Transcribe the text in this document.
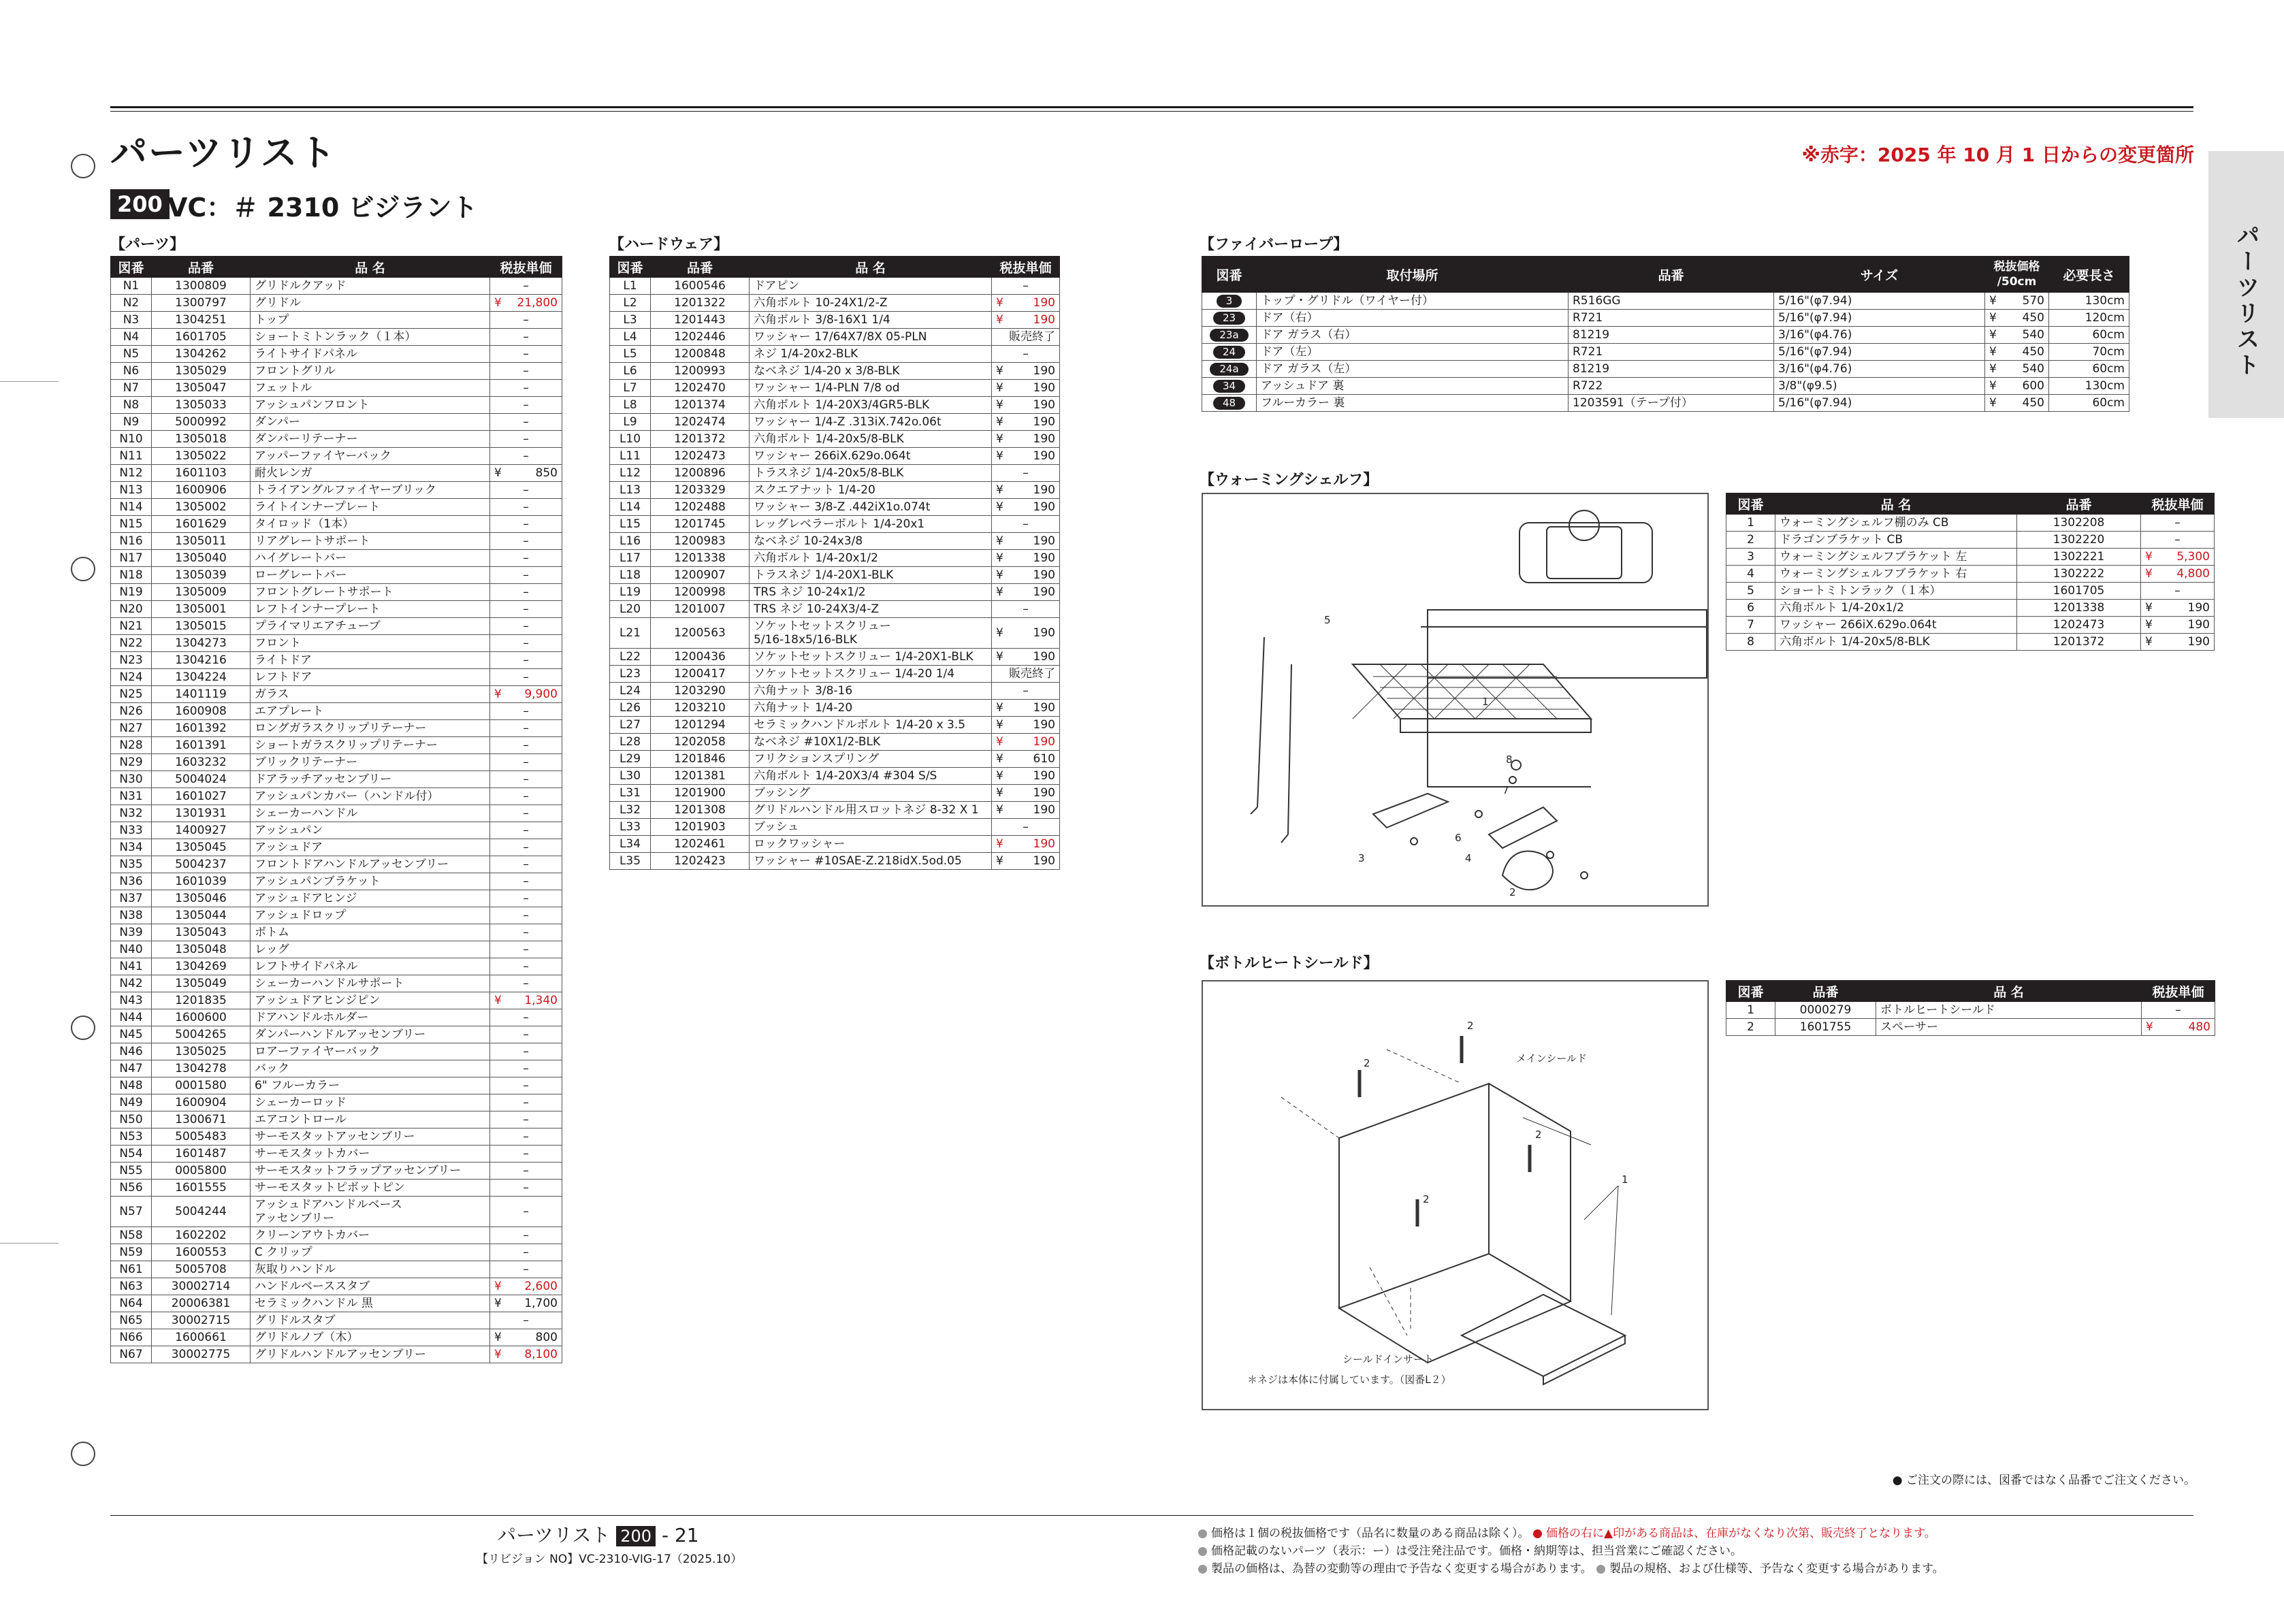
パーツリスト	※赤字：2025 年 10 月 1 日からの変更箇所
200 VC：＃ 2310 ビジラント
パーツリスト
【パーツ】
図番	品番	品 名	税抜単価
N1	1300809	グリドルクアッド	–
N2	1300797	グリドル	¥ 21,800
N3	1304251	トップ	–
N4	1601705	ショートミトンラック（１本）	–
N5	1304262	ライトサイドパネル	–
N6	1305029	フロントグリル	–
N7	1305047	フェットル	–
N8	1305033	アッシュパンフロント	–
N9	5000992	ダンパー	–
N10	1305018	ダンパーリテーナー	–
N11	1305022	アッパーファイヤーバック	–
N12	1601103	耐火レンガ	¥ 850
N13	1600906	トライアングルファイヤーブリック	–
N14	1305002	ライトインナープレート	–
N15	1601629	タイロッド（1本）	–
N16	1305011	リアグレートサポート	–
N17	1305040	ハイグレートバー	–
N18	1305039	ローグレートバー	–
N19	1305009	フロントグレートサポート	–
N20	1305001	レフトインナープレート	–
N21	1305015	プライマリエアチューブ	–
N22	1304273	フロント	–
N23	1304216	ライトドア	–
N24	1304224	レフトドア	–
N25	1401119	ガラス	¥ 9,900
N26	1600908	エアプレート	–
N27	1601392	ロングガラスクリップリテーナー	–
N28	1601391	ショートガラスクリップリテーナー	–
N29	1603232	ブリックリテーナー	–
N30	5004024	ドアラッチアッセンブリー	–
N31	1601027	アッシュパンカバー（ハンドル付）	–
N32	1301931	シェーカーハンドル	–
N33	1400927	アッシュパン	–
N34	1305045	アッシュドア	–
N35	5004237	フロントドアハンドルアッセンブリー	–
N36	1601039	アッシュパンブラケット	–
N37	1305046	アッシュドアヒンジ	–
N38	1305044	アッシュドロップ	–
N39	1305043	ボトム	–
N40	1305048	レッグ	–
N41	1304269	レフトサイドパネル	–
N42	1305049	シェーカーハンドルサポート	–
N43	1201835	アッシュドアヒンジピン	¥ 1,340
N44	1600600	ドアハンドルホルダー	–
N45	5004265	ダンパーハンドルアッセンブリー	–
N46	1305025	ロアーファイヤーバック	–
N47	1304278	バック	–
N48	0001580	6" フルーカラー	–
N49	1600904	シェーカーロッド	–
N50	1300671	エアコントロール	–
N53	5005483	サーモスタットアッセンブリー	–
N54	1601487	サーモスタットカバー	–
N55	0005800	サーモスタットフラップアッセンブリー	–
N56	1601555	サーモスタットピボットピン	–
N57	5004244	アッシュドアハンドルベース
アッセンブリー	–
N58	1602202	クリーンアウトカバー	–
N59	1600553	C クリップ	–
N61	5005708	灰取りハンドル	–
N63	30002714	ハンドルベーススタブ	¥ 2,600
N64	20006381	セラミックハンドル 黒	¥ 1,700
N65	30002715	グリドルスタブ	–
N66	1600661	グリドルノブ（木）	¥ 800
N67	30002775	グリドルハンドルアッセンブリー	¥ 8,100
【ハードウェア】
図番	品番	品 名	税抜単価
L1	1600546	ドアピン	–
L2	1201322	六角ボルト 10-24X1/2-Z	¥ 190
L3	1201443	六角ボルト 3/8-16X1 1/4	¥ 190
L4	1202446	ワッシャー 17/64X7/8X 05-PLN	販売終了
L5	1200848	ネジ 1/4-20x2-BLK	–
L6	1200993	なベネジ 1/4-20 x 3/8-BLK	¥ 190
L7	1202470	ワッシャー 1/4-PLN 7/8 od	¥ 190
L8	1201374	六角ボルト 1/4-20X3/4GR5-BLK	¥ 190
L9	1202474	ワッシャー 1/4-Z .313iX.742o.06t	¥ 190
L10	1201372	六角ボルト 1/4-20x5/8-BLK	¥ 190
L11	1202473	ワッシャー 266iX.629o.064t	¥ 190
L12	1200896	トラスネジ 1/4-20x5/8-BLK	–
L13	1203329	スクエアナット 1/4-20	¥ 190
L14	1202488	ワッシャー 3/8-Z .442iX1o.074t	¥ 190
L15	1201745	レッグレベラーボルト 1/4-20x1	–
L16	1200983	なベネジ 10-24x3/8	¥ 190
L17	1201338	六角ボルト 1/4-20x1/2	¥ 190
L18	1200907	トラスネジ 1/4-20X1-BLK	¥ 190
L19	1200998	TRS ネジ 10-24x1/2	¥ 190
L20	1201007	TRS ネジ 10-24X3/4-Z	–
L21	1200563	ソケットセットスクリュー
5/16-18x5/16-BLK	¥ 190
L22	1200436	ソケットセットスクリュー 1/4-20X1-BLK	¥ 190
L23	1200417	ソケットセットスクリュー 1/4-20 1/4	販売終了
L24	1203290	六角ナット 3/8-16	–
L26	1203210	六角ナット 1/4-20	¥ 190
L27	1201294	セラミックハンドルボルト 1/4-20 x 3.5	¥ 190
L28	1202058	なベネジ #10X1/2-BLK	¥ 190
L29	1201846	フリクションスプリング	¥ 610
L30	1201381	六角ボルト 1/4-20X3/4 #304 S/S	¥ 190
L31	1201900	ブッシング	¥ 190
L32	1201308	グリドルハンドル用スロットネジ 8-32 X 1	¥ 190
L33	1201903	ブッシュ	–
L34	1202461	ロックワッシャー	¥ 190
L35	1202423	ワッシャー #10SAE-Z.218idX.5od.05	¥ 190
【ファイバーロープ】
図番	取付場所	品番	サイズ	税抜価格
/50cm	必要長さ
3	トップ・グリドル（ワイヤー付）	R516GG	5/16"(φ7.94)	¥ 570	130cm
23	ドア（右）	R721	5/16"(φ7.94)	¥ 450	120cm
23a	ドア ガラス（右）	81219	3/16"(φ4.76)	¥ 540	60cm
24	ドア（左）	R721	5/16"(φ7.94)	¥ 450	70cm
24a	ドア ガラス（左）	81219	3/16"(φ4.76)	¥ 540	60cm
34	アッシュドア 裏	R722	3/8"(φ9.5)	¥ 600	130cm
48	フルーカラー 裏	1203591（テープ付）	5/16"(φ7.94)	¥ 450	60cm
【ウォーミングシェルフ】
1
2
3	4
5
6
7
8
図番	品 名	品番	税抜単価
1	ウォーミングシェルフ棚のみ CB	1302208	–
2	ドラゴンブラケット CB	1302220	–
3	ウォーミングシェルフブラケット 左	1302221	¥ 5,300
4	ウォーミングシェルフブラケット 右	1302222	¥ 4,800
5	ショートミトンラック（１本）	1601705	–
6	六角ボルト 1/4-20x1/2	1201338	¥ 190
7	ワッシャー 266iX.629o.064t	1202473	¥ 190
8	六角ボルト 1/4-20x5/8-BLK	1201372	¥ 190
【ボトルヒートシールド】
2
2
2
2
1
メインシールド
シールドインサート
＊ネジは本体に付属しています。（図番L２）
図番	品番	品 名	税抜単価
1	0000279	ボトルヒートシールド	–
2	1601755	スペーサー	¥ 480
● ご注文の際には、図番ではなく品番でご注文ください。
パーツリスト 200 - 21
【リビジョン NO】VC-2310-VIG-17（2025.10）
価格は１個の税抜価格です（品名に数量のある商品は除く）。	価格の右に▲印がある商品は、在庫がなくなり次第、販売終了となります。
価格記載のないパーツ（表示：ー）は受注発注品です。価格・納期等は、担当営業にご確認ください。
製品の価格は、為替の変動等の理由で予告なく変更する場合があります。	製品の規格、および仕様等、予告なく変更する場合があります。
